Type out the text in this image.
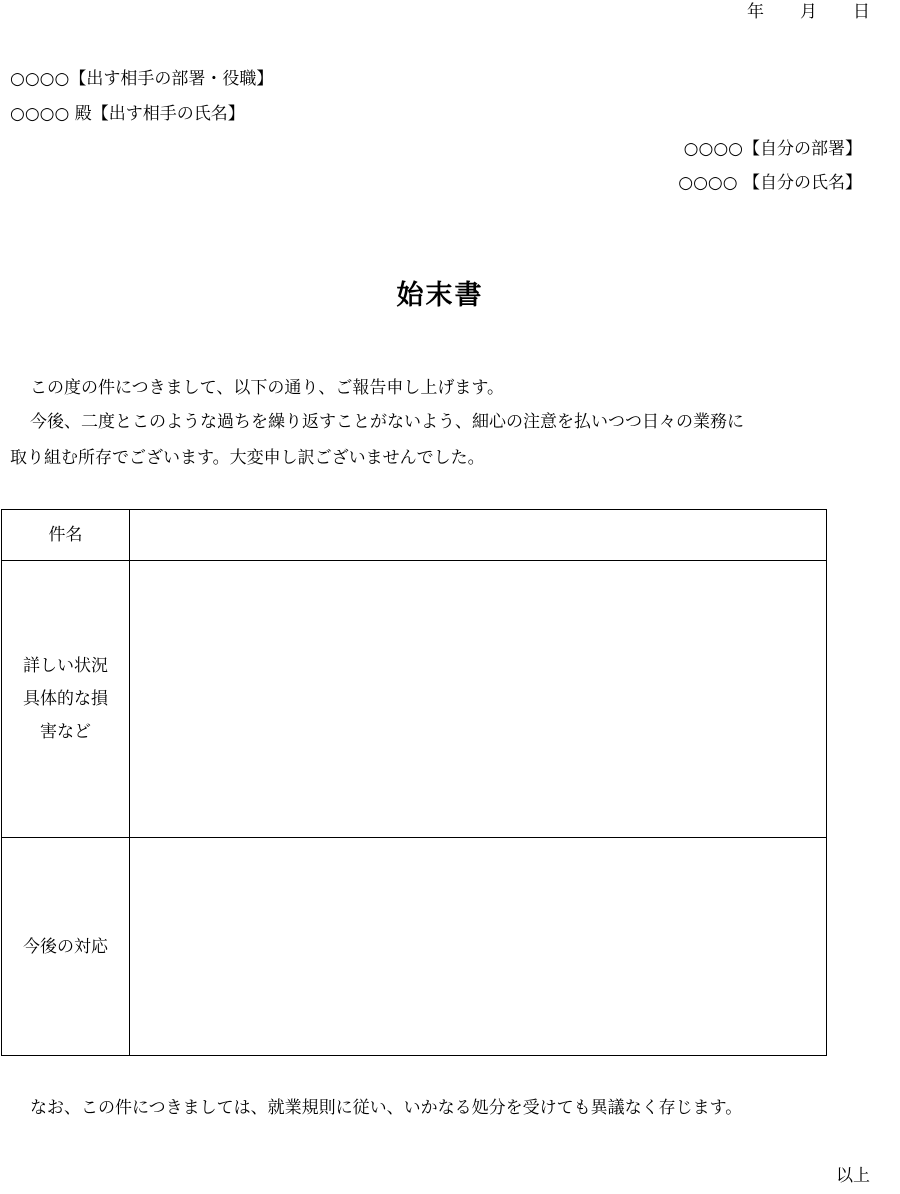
年 月 日
○○○○【出す相手の部署・役職】
○○○○ 殿【出す相手の氏名】
○○○○【自分の部署】
○○○○ 【自分の氏名】
始末書
この度の件につきまして、以下の通り、ご報告申し上げます。
今後、二度とこのような過ちを繰り返すことがないよう、細心の注意を払いつつ日々の業務に
取り組む所存でございます。大変申し訳ございませんでした。
件名
詳しい状況
具体的な損
害など
今後の対応
なお、この件につきましては、就業規則に従い、いかなる処分を受けても異議なく存じます。
以上
